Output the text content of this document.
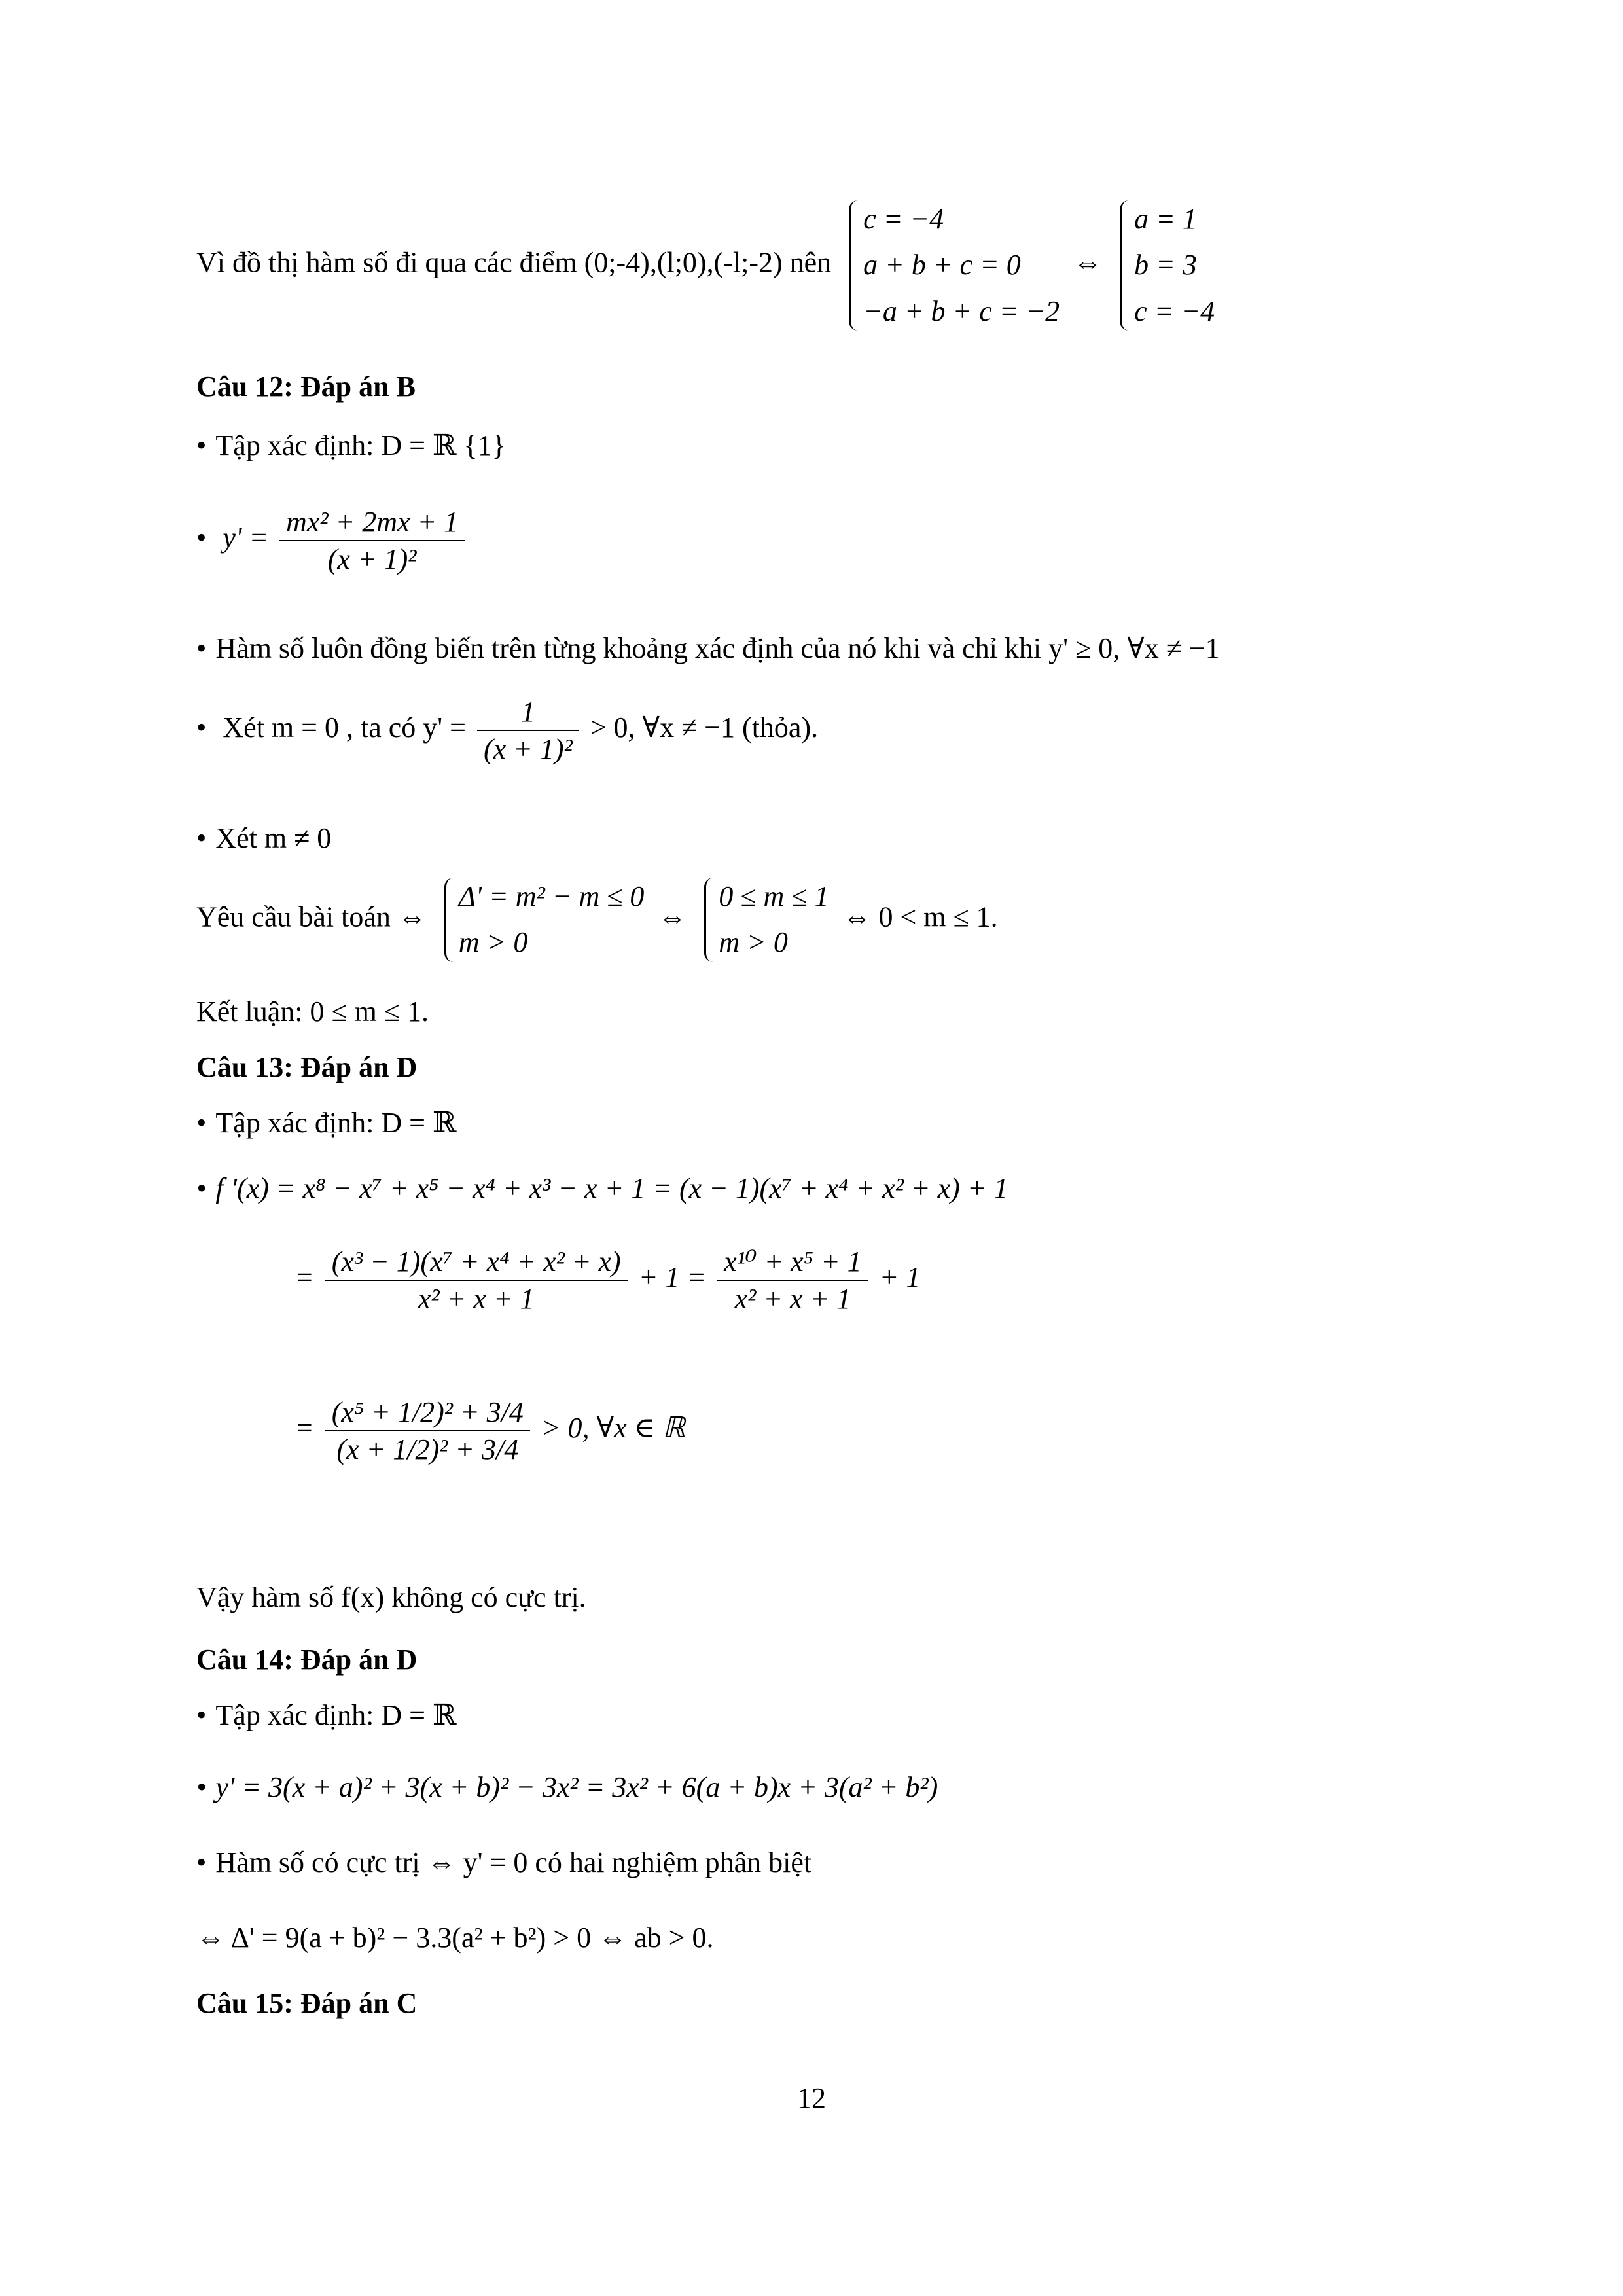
Vì đồ thị hàm số đi qua các điểm (0;-4),(l;0),(-l;-2) nên
c = −4
a + b + c = 0
−a + b + c = −2
⇔
a = 1
b = 3
c = −4
Câu 12: Đáp án B
• Tập xác định: D = ℝ {1}
• $y' = \frac{\text{mx² + 2mx + 1}}{\text{(x + 1)²}}$
• Hàm số luôn đồng biến trên từng khoảng xác định của nó khi và chỉ khi y' ≥ 0, ∀x ≠ −1
• Xét m = 0 , ta có $y' = \frac{1}{\text{(x + 1)²}} > 0$, ∀x ≠ −1 (thỏa).
• Xét m ≠ 0
Yêu cầu bài toán ⇔
Δ' = m² − m ≤ 0
m > 0
⇔
0 ≤ m ≤ 1
m > 0
⇔ 0 < m ≤ 1.
Kết luận: 0 ≤ m ≤ 1.
Câu 13: Đáp án D
• Tập xác định: D = ℝ
• f '(x) = x⁸ − x⁷ + x⁵ − x⁴ + x³ − x + 1 = (x − 1)(x⁷ + x⁴ + x² + x) + 1
= $\frac{\text{(x³ − 1)(x⁷ + x⁴ + x² + x)}}{\text{x² + x + 1}} + 1 = \frac{\text{x¹⁰ + x⁵ + 1}}{\text{x² + x + 1}} + 1$
= $\frac{\text{(x⁵ + 1/2)² + 3/4}}{\text{(x + 1/2)² + 3/4}} > 0$, ∀x ∈ ℝ
Vậy hàm số f(x) không có cực trị.
Câu 14: Đáp án D
• Tập xác định: D = ℝ
• y' = 3(x + a)² + 3(x + b)² − 3x² = 3x² + 6(a + b)x + 3(a² + b²)
• Hàm số có cực trị ⇔ y' = 0 có hai nghiệm phân biệt
⇔ Δ' = 9(a + b)² − 3.3(a² + b²) > 0 ⇔ ab > 0.
Câu 15: Đáp án C
12
